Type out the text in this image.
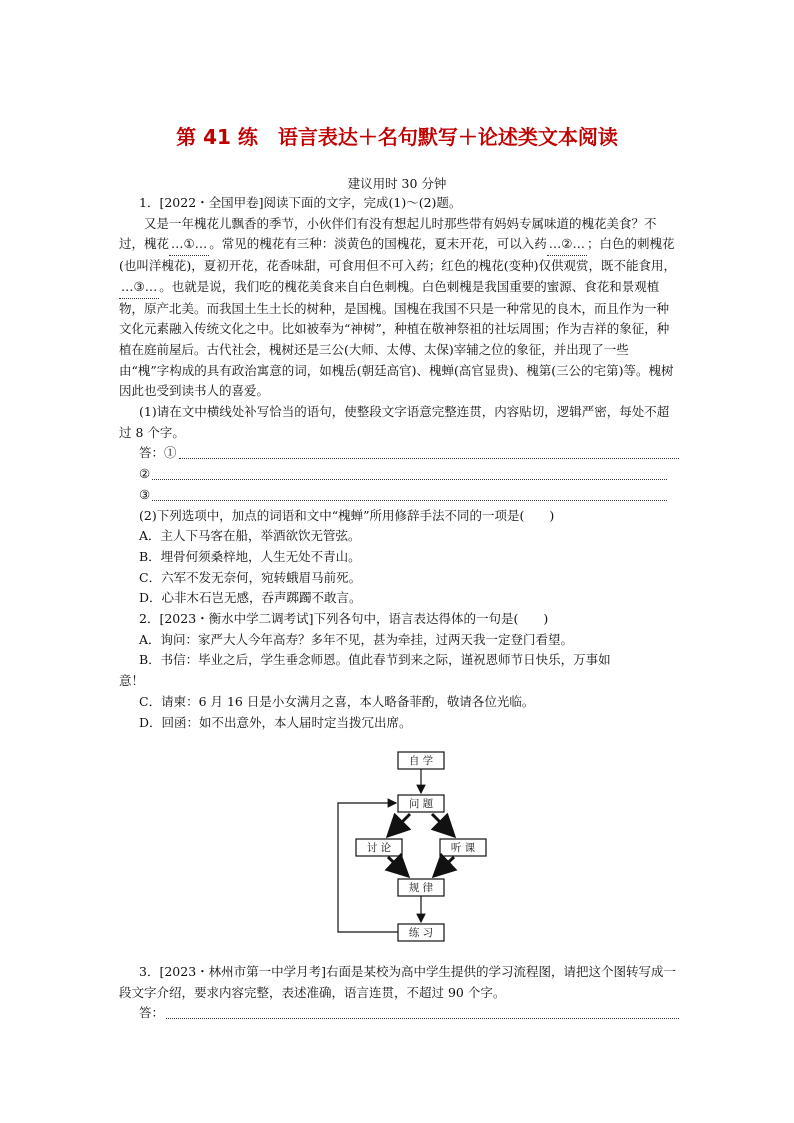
第 41 练　语言表达＋名句默写＋论述类文本阅读
建议用时 30 分钟

1．[2022・全国甲卷]阅读下面的文字，完成(1)～(2)题。

又是一年槐花儿飘香的季节，小伙伴们有没有想起儿时那些带有妈妈专属味道的槐花美食？不过，槐花 …①… 。常见的槐花有三种：淡黄色的国槐花，夏末开花，可以入药 …②… ；白色的刺槐花(也叫洋槐花)，夏初开花，花香味甜，可食用但不可入药；红色的槐花(变种)仅供观赏，既不能食用，…③… 。也就是说，我们吃的槐花美食来自白色刺槐。白色刺槐是我国重要的蜜源、食花和景观植物，原产北美。而我国土生土长的树种，是国槐。国槐在我国不只是一种常见的良木，而且作为一种文化元素融入传统文化之中。比如被奉为“神树”，种植在敬神祭祖的社坛周围；作为吉祥的象征，种植在庭前屋后。古代社会，槐树还是三公(大师、太傅、太保)宰辅之位的象征，并出现了一些由“槐”字构成的具有政治寓意的词，如槐岳(朝廷高官)、槐蝉(高官显贵)、槐第(三公的宅第)等。槐树因此也受到读书人的喜爱。

(1)请在文中横线处补写恰当的语句，使整段文字语意完整连贯，内容贴切，逻辑严密，每处不超过 8 个字。

答：①
②
③

(2)下列选项中，加点的词语和文中“槐蝉”所用修辞手法不同的一项是(　　)

A．主人下马客在船，举酒欲饮无管弦。

B．埋骨何须桑梓地，人生无处不青山。

C．六军不发无奈何，宛转蛾眉马前死。

D．心非木石岂无感，吞声踯躅不敢言。

2．[2023・衡水中学二调考试]下列各句中，语言表达得体的一句是(　　)

A．询问：家严大人今年高寿？多年不见，甚为牵挂，过两天我一定登门看望。

B．书信：毕业之后，学生垂念师恩。值此春节到来之际，谨祝恩师节日快乐，万事如

意！

C．请柬：6 月 16 日是小女满月之喜，本人略备菲酌，敬请各位光临。

D．回函：如不出意外，本人届时定当拨冗出席。

自 学
问 题
讨 论	听 课
规 律
练 习

3．[2023・林州市第一中学月考]右面是某校为高中学生提供的学习流程图，请把这个图转写成一段文字介绍，要求内容完整，表述准确，语言连贯，不超过 90 个字。

答：
